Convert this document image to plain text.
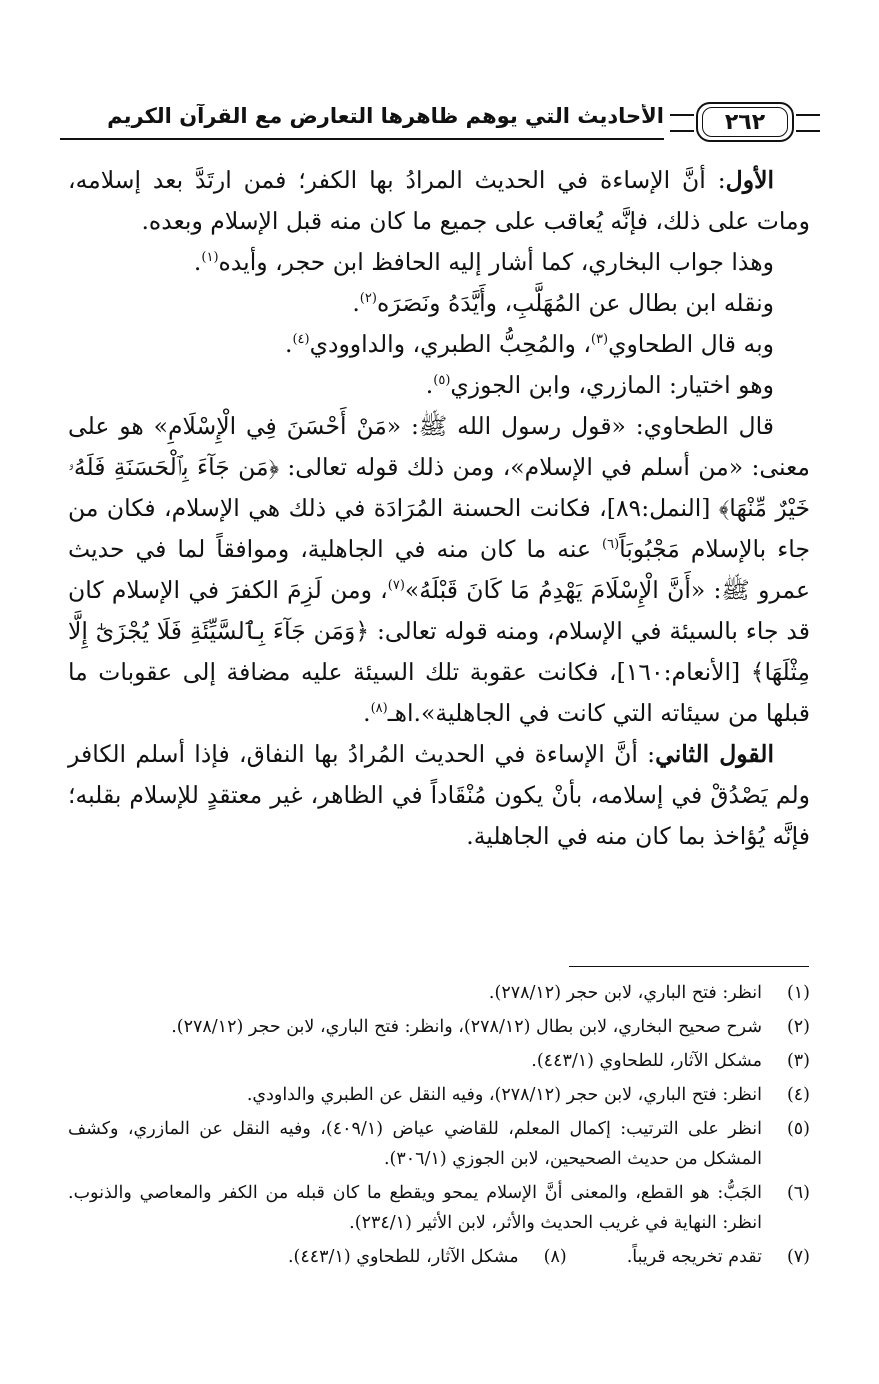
٢٦٢
الأحاديث التي يوهم ظاهرها التعارض مع القرآن الكريم

الأول: أنَّ الإساءة في الحديث المرادُ بها الكفر؛ فمن ارتَدَّ بعد إسلامه، ومات على ذلك، فإنَّه يُعاقب على جميع ما كان منه قبل الإسلام وبعده.

وهذا جواب البخاري، كما أشار إليه الحافظ ابن حجر، وأيده$^{(١)}$.

ونقله ابن بطال عن المُهَلَّبِ، وأَيَّدَهُ ونَصَرَه$^{(٢)}$.

وبه قال الطحاوي$^{(٣)}$، والمُحِبُّ الطبري، والداوودي$^{(٤)}$.

وهو اختيار: المازري، وابن الجوزي$^{(٥)}$.

قال الطحاوي: «قول رسول الله ﷺ: «مَنْ أَحْسَنَ فِي الْإِسْلَامِ» هو على معنى: «من أسلم في الإسلام»، ومن ذلك قوله تعالى: ﴿مَن جَآءَ بِٱلْحَسَنَةِ فَلَهُۥ خَيْرٌ مِّنْهَا﴾ [النمل:٨٩]، فكانت الحسنة المُرَادَة في ذلك هي الإسلام، فكان من جاء بالإسلام مَجْبُوبَاً$^{(٦)}$ عنه ما كان منه في الجاهلية، وموافقاً لما في حديث عمرو ﷺ: «أَنَّ الْإِسْلَامَ يَهْدِمُ مَا كَانَ قَبْلَهُ»$^{(٧)}$، ومن لَزِمَ الكفرَ في الإسلام كان قد جاء بالسيئة في الإسلام، ومنه قوله تعالى: ﴿وَمَن جَآءَ بِٱلسَّيِّئَةِ فَلَا يُجْزَىٰٓ إِلَّا مِثْلَهَا﴾ [الأنعام:١٦٠]، فكانت عقوبة تلك السيئة عليه مضافة إلى عقوبات ما قبلها من سيئاته التي كانت في الجاهلية».اهـ$^{(٨)}$.

القول الثاني: أنَّ الإساءة في الحديث المُرادُ بها النفاق، فإذا أسلم الكافر ولم يَصْدُقْ في إسلامه، بأنْ يكون مُنْقَاداً في الظاهر، غير معتقدٍ للإسلام بقلبه؛ فإنَّه يُؤاخذ بما كان منه في الجاهلية.

(١)
انظر: فتح الباري، لابن حجر (٢٧٨/١٢).
(٢)
شرح صحيح البخاري، لابن بطال (٢٧٨/١٢)، وانظر: فتح الباري، لابن حجر (٢٧٨/١٢).
(٣)
مشكل الآثار، للطحاوي (٤٤٣/١).
(٤)
انظر: فتح الباري، لابن حجر (٢٧٨/١٢)، وفيه النقل عن الطبري والداودي.
(٥)
انظر على الترتيب: إكمال المعلم، للقاضي عياض (٤٠٩/١)، وفيه النقل عن المازري، وكشف المشكل من حديث الصحيحين، لابن الجوزي (٣٠٦/١).
(٦)
الجَبُّ: هو القطع، والمعنى أنَّ الإسلام يمحو ويقطع ما كان قبله من الكفر والمعاصي والذنوب. انظر: النهاية في غريب الحديث والأثر، لابن الأثير (٢٣٤/١).
(٧)
تقدم تخريجه قريباً.
(٨)
مشكل الآثار، للطحاوي (٤٤٣/١).
